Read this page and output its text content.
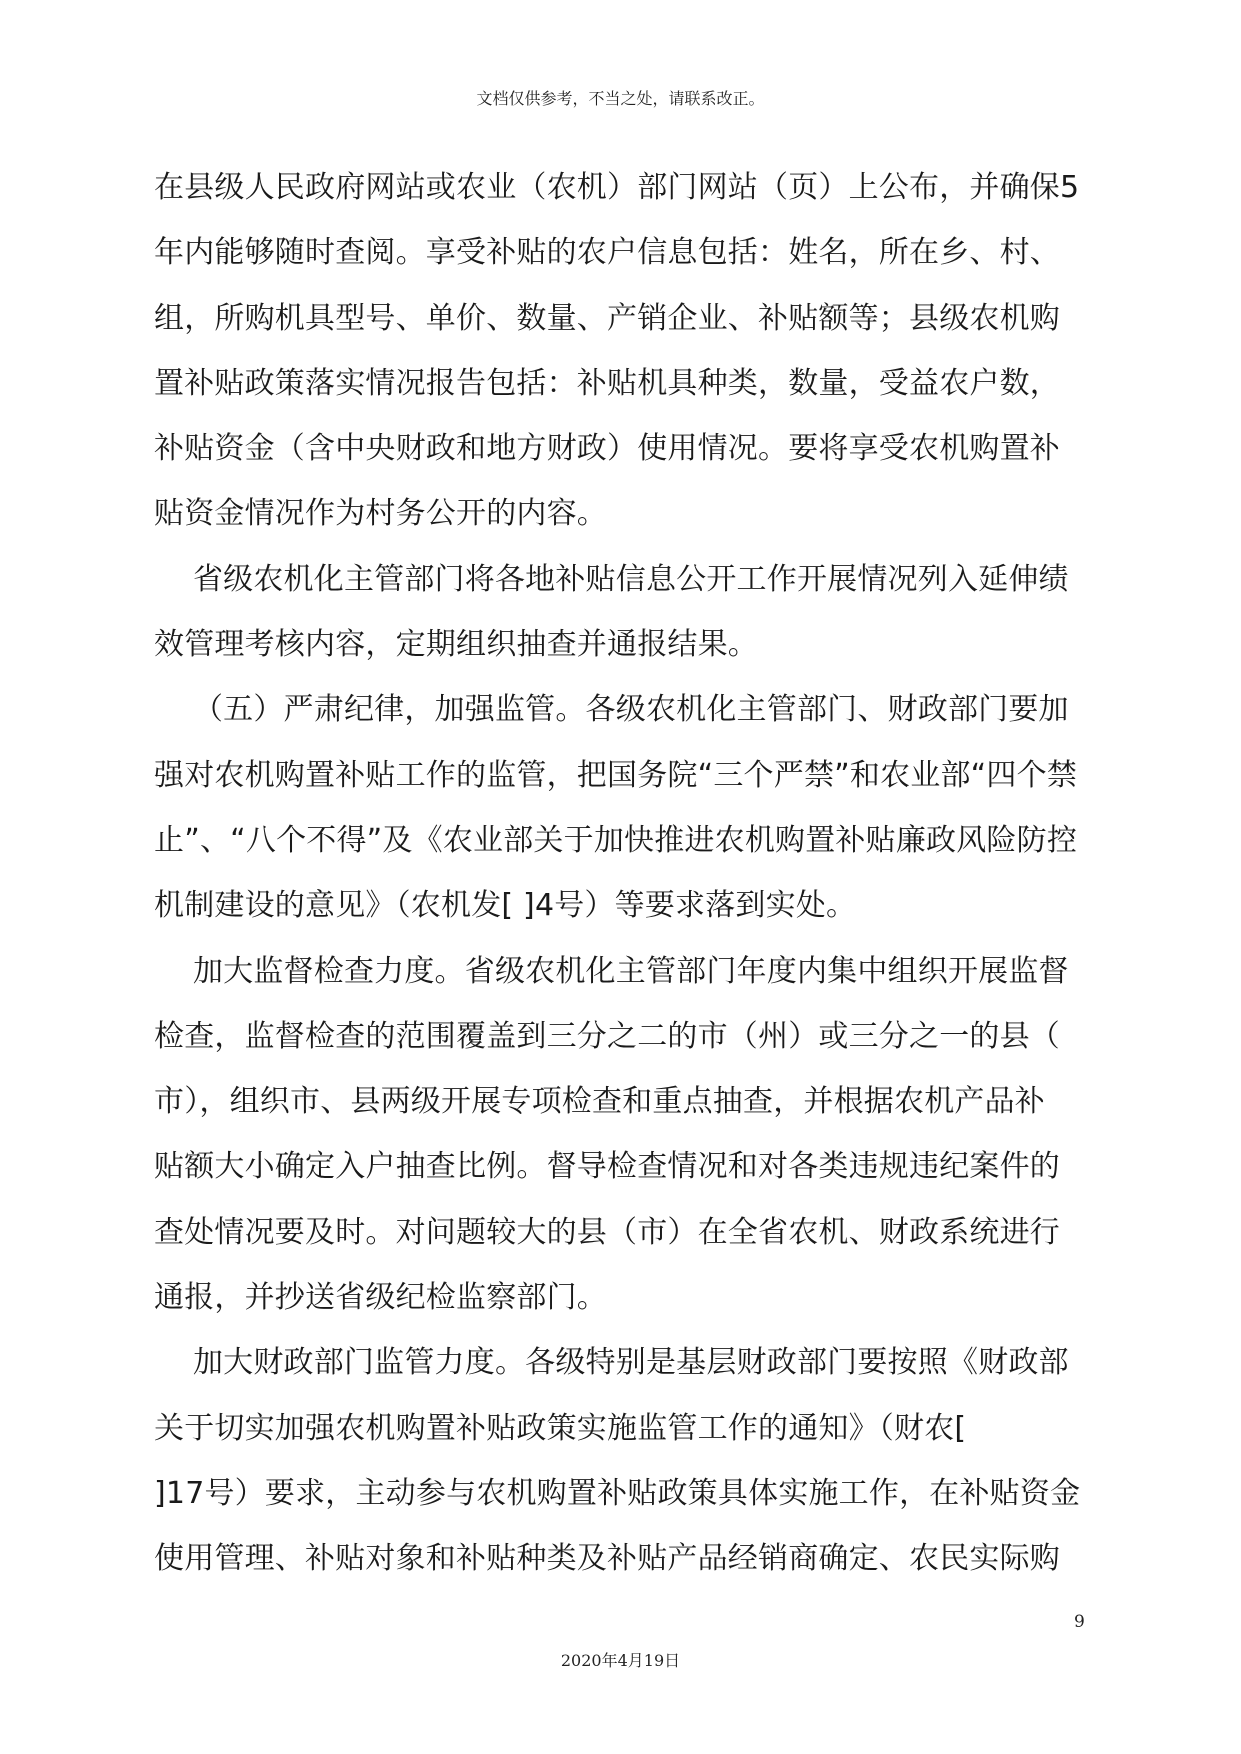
文档仅供参考，不当之处，请联系改正。
在县级人民政府网站或农业（农机）部门网站（页）上公布，并确保5
年内能够随时查阅。享受补贴的农户信息包括：姓名，所在乡、村、
组，所购机具型号、单价、数量、产销企业、补贴额等；县级农机购
置补贴政策落实情况报告包括：补贴机具种类，数量，受益农户数，
补贴资金（含中央财政和地方财政）使用情况。要将享受农机购置补
贴资金情况作为村务公开的内容。
省级农机化主管部门将各地补贴信息公开工作开展情况列入延伸绩
效管理考核内容，定期组织抽查并通报结果。
（五）严肃纪律，加强监管。各级农机化主管部门、财政部门要加
强对农机购置补贴工作的监管，把国务院“三个严禁”和农业部“四个禁
止”、“八个不得”及《农业部关于加快推进农机购置补贴廉政风险防控
机制建设的意见》（农机发[ ]4号）等要求落到实处。
加大监督检查力度。省级农机化主管部门年度内集中组织开展监督
检查，监督检查的范围覆盖到三分之二的市（州）或三分之一的县（
市），组织市、县两级开展专项检查和重点抽查，并根据农机产品补
贴额大小确定入户抽查比例。督导检查情况和对各类违规违纪案件的
查处情况要及时。对问题较大的县（市）在全省农机、财政系统进行
通报，并抄送省级纪检监察部门。
加大财政部门监管力度。各级特别是基层财政部门要按照《财政部
关于切实加强农机购置补贴政策实施监管工作的通知》（财农[
]17号）要求，主动参与农机购置补贴政策具体实施工作，在补贴资金
使用管理、补贴对象和补贴种类及补贴产品经销商确定、农民实际购
9
2020年4月19日
